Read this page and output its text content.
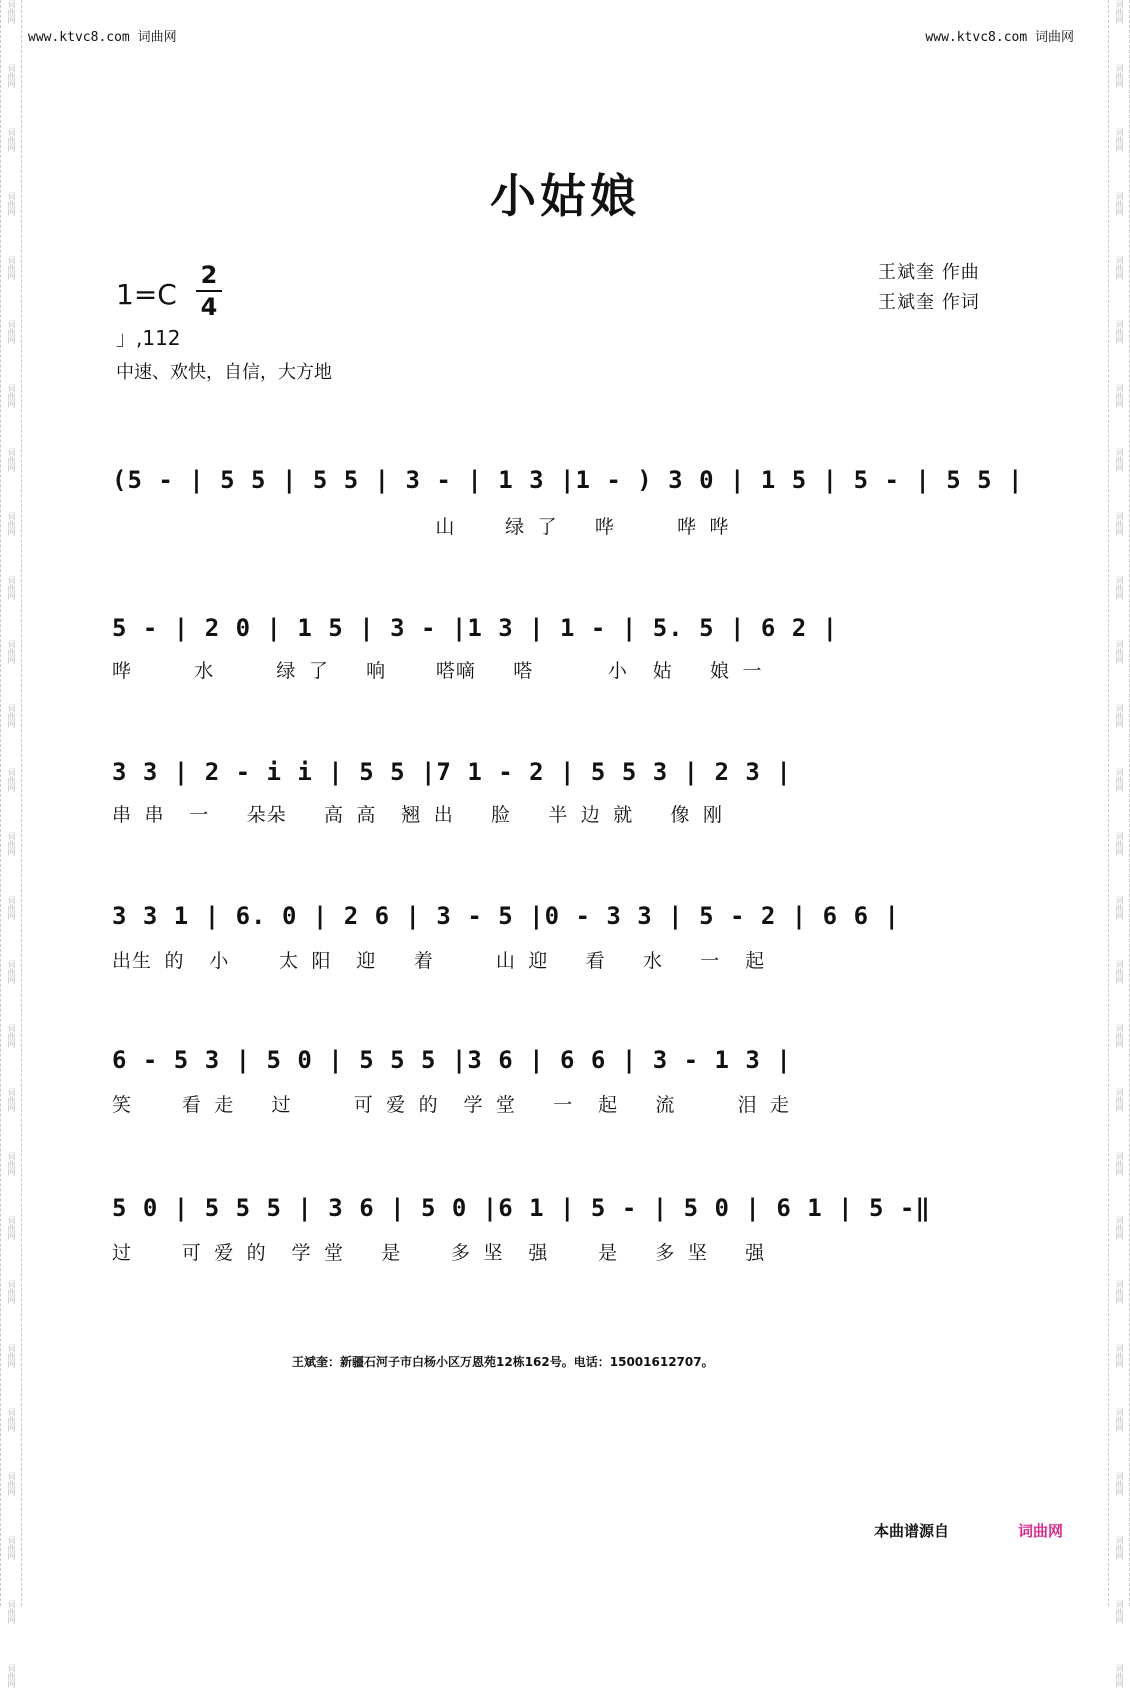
词曲网
词曲网
词曲网
词曲网
词曲网
词曲网
词曲网
词曲网
词曲网
词曲网
词曲网
词曲网
词曲网
词曲网
词曲网
词曲网
词曲网
词曲网
词曲网
词曲网
词曲网
词曲网
词曲网
词曲网
词曲网
词曲网
词曲网
词曲网
词曲网
词曲网
词曲网
词曲网
词曲网
词曲网
词曲网
词曲网
词曲网
词曲网
词曲网
词曲网
词曲网
词曲网
词曲网
词曲网
词曲网
词曲网
词曲网
词曲网
词曲网
词曲网
词曲网
词曲网
词曲网
词曲网
www.ktvc8.com 词曲网	www.ktvc8.com 词曲网
小姑娘
1=C
2
4
」,112
中速、欢快，自信，大方地
王斌奎 作曲
王斌奎 作词
(5 - | 5 5 | 5 5 | 3 - | 1 3 |1 - ) 3 0 | 1 5 | 5 - | 5 5 |
山    绿 了   哗     哗 哗
5 - | 2 0 | 1 5 | 3 - |1 3 | 1 - | 5. 5 | 6 2 |
哗     水     绿 了   响    嗒嘀   嗒      小  姑   娘 一
3 3 | 2 - i i | 5 5 |7 1 - 2 | 5 5 3 | 2 3 |
串 串  一   朵朵   高 高  翘 出   脸   半 边 就   像 刚
3 3 1 | 6. 0 | 2 6 | 3 - 5 |0 - 3 3 | 5 - 2 | 6 6 |
出生 的  小    太 阳  迎   着     山 迎   看   水   一  起
6 - 5 3 | 5 0 | 5 5 5 |3 6 | 6 6 | 3 - 1 3 |
笑    看 走   过     可 爱 的  学 堂   一  起   流     泪 走
5 0 | 5 5 5 | 3 6 | 5 0 |6 1 | 5 - | 5 0 | 6 1 | 5 -‖
过    可 爱 的  学 堂   是    多 坚  强    是   多 坚   强
王斌奎：新疆石河子市白杨小区万恩苑12栋162号。电话：15001612707。
本曲谱源自	词曲网
